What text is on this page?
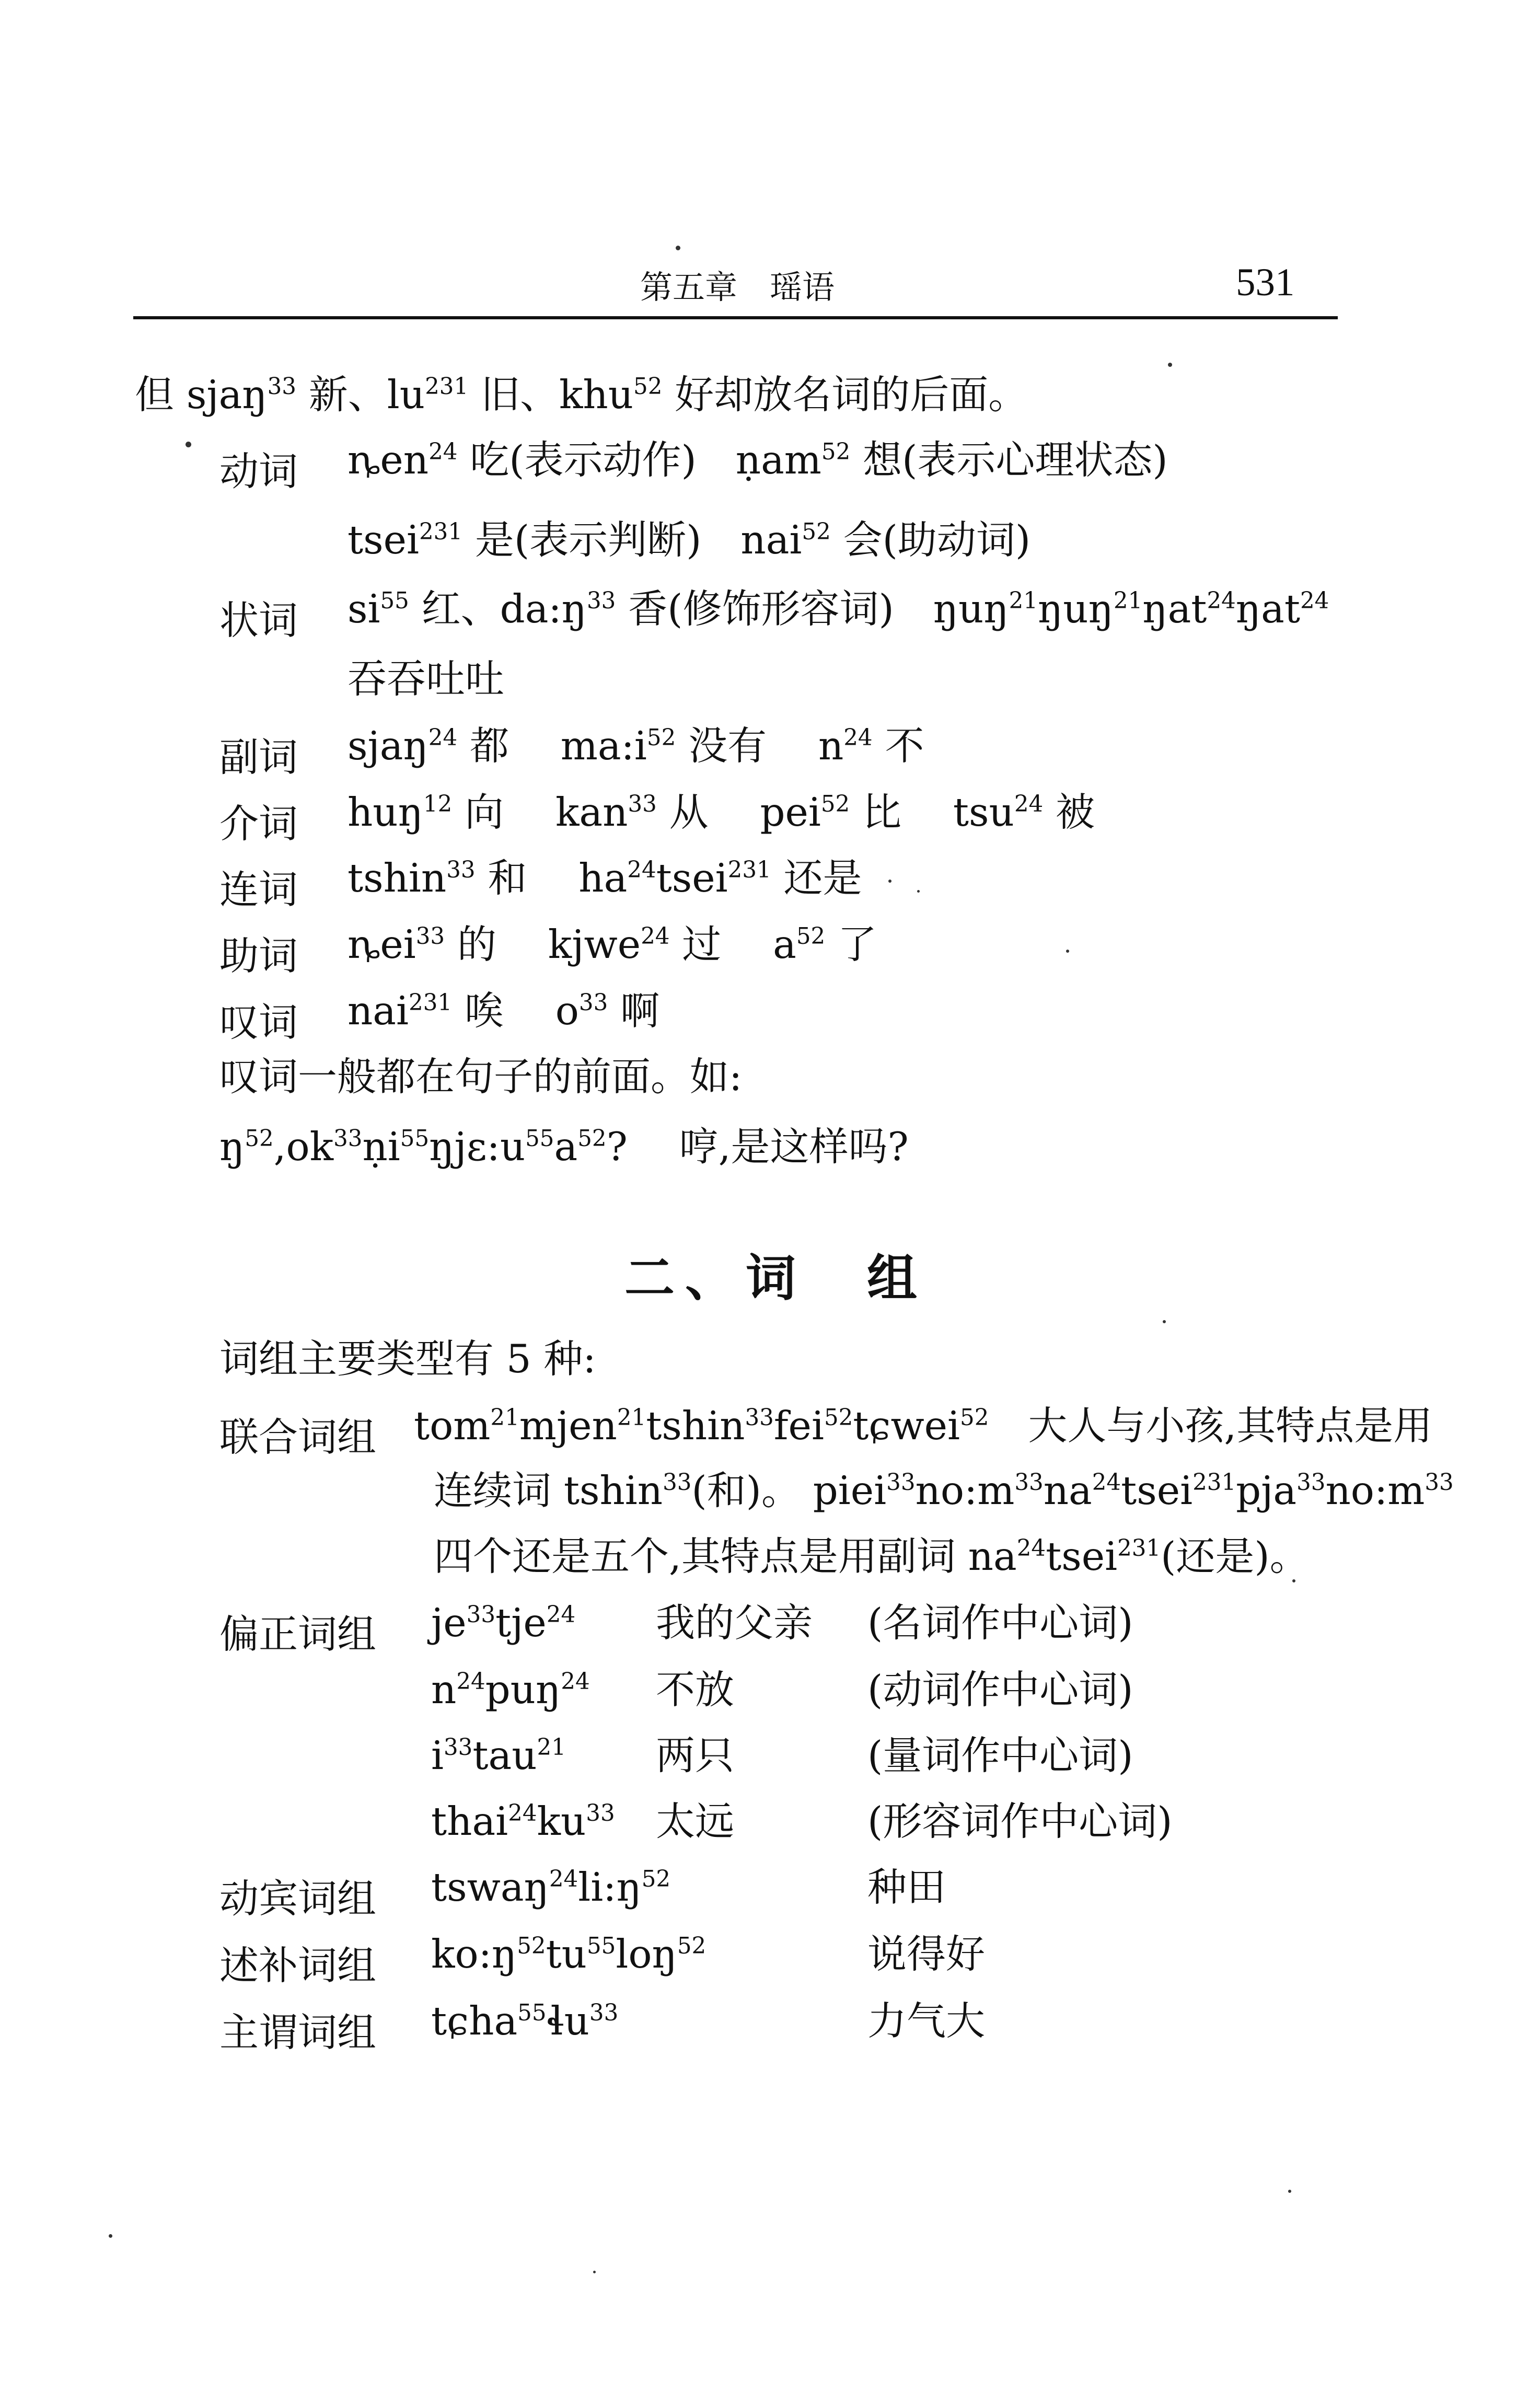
第五章　瑶语	531
但 sjaŋ$^{33}$ 新、$lu^{231}$ 旧、khu$^{52}$ 好却放名词的后面。
动词 ȵen$^{24}$ 吃(表示动作)　ṇam$^{52}$ 想(表示心理状态)
tsei$^{231}$ 是(表示判断)　nai$^{52}$ 会(助动词)
状词 $si^{55}$ 红、$da:ŋ^{33}$ 香(修饰形容词)　ŋuŋ$^{21}$ŋuŋ$^{21}$ŋat$^{24}$ŋat$^{24}$
吞吞吐吐
副词 sjaŋ$^{24}$ 都　 $ma:i^{52}$ 没有　 $n^{24}$ 不
介词 huŋ$^{12}$ 向　 kan$^{33}$ 从　 pei$^{52}$ 比　 tsu$^{24}$ 被
连词 tshin$^{33}$ 和　 $ha^{24}tsei^{231}$ 还是
助词 ȵei$^{33}$ 的　 kjwe$^{24}$ 过　 $a^{52}$ 了
叹词 nai$^{231}$ 唉　 $o^{33}$ 啊
叹词一般都在句子的前面。如:
$ŋ^{52},ok^{33}ṇi^{55}ŋjɛ:u^{55}a^{52}$?　 哼,是这样吗?
二、词　组
词组主要类型有 5 种:
联合词组 tom$^{21}$mjen$^{21}$tshin$^{33}$fei$^{52}$tɕwei$^{52}$　大人与小孩,其特点是用
连续词 tshin$^{33}$(和)。 $piei^{33}no:m^{33}na^{24}tsei^{231}pja^{33}no:m^{33}$
四个还是五个,其特点是用副词 $na^{24}tsei^{231}$(还是)。
偏正词组 $je^{33}tje^{24}$ 我的父亲 (名词作中心词)
$n^{24}puŋ^{24}$ 不放	(动词作中心词)
$i^{33}tau^{21}$ 两只	(量词作中心词)
$thai^{24}ku^{33}$ 太远	(形容词作中心词)
动宾词组 $tswaŋ^{24}li:ŋ^{52}$	种田
述补词组 $ko:ŋ^{52}tu^{55}loŋ^{52}$	说得好
主谓词组 tɕha$^{55}$ɬu$^{33}$	力气大
